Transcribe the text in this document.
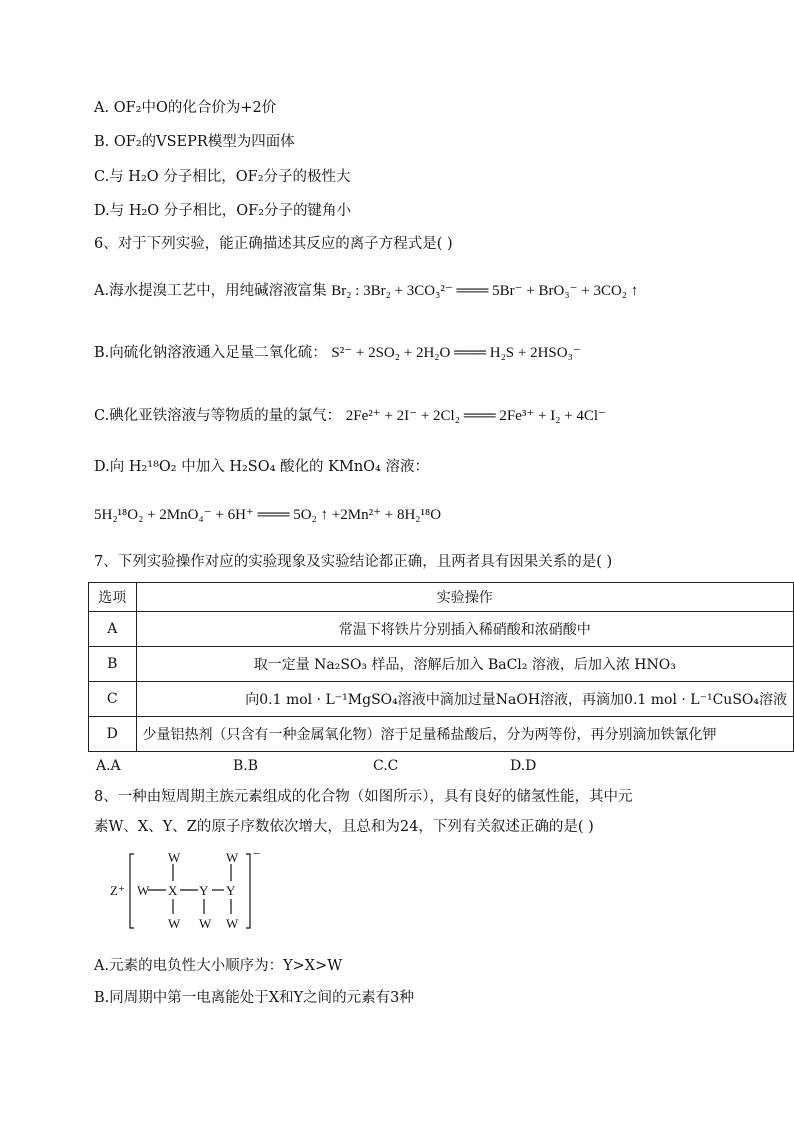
A. OF₂中O的化合价为+2价
B. OF₂的VSEPR模型为四面体
C.与 H₂O 分子相比，OF₂分子的极性大
D.与 H₂O 分子相比，OF₂分子的键角小
6、对于下列实验，能正确描述其反应的离子方程式是( )
A.海水提溴工艺中，用纯碱溶液富集 Br₂ : 3Br₂ + 3CO₃²⁻ ═══ 5Br⁻ + BrO₃⁻ + 3CO₂ ↑
B.向硫化钠溶液通入足量二氧化硫： S²⁻ + 2SO₂ + 2H₂O ═══ H₂S + 2HSO₃⁻
C.碘化亚铁溶液与等物质的量的氯气： 2Fe²⁺ + 2I⁻ + 2Cl₂ ═══ 2Fe³⁺ + I₂ + 4Cl⁻
D.向 H₂¹⁸O₂ 中加入 H₂SO₄ 酸化的 KMnO₄ 溶液：
5H₂¹⁸O₂ + 2MnO₄⁻ + 6H⁺ ═══ 5O₂ ↑ +2Mn²⁺ + 8H₂¹⁸O
7、下列实验操作对应的实验现象及实验结论都正确，且两者具有因果关系的是( )
选项	实验操作
A	常温下将铁片分别插入稀硝酸和浓硝酸中
B	取一定量 Na₂SO₃ 样品，溶解后加入 BaCl₂ 溶液，后加入浓 HNO₃
C	向0.1 mol · L⁻¹MgSO₄溶液中滴加过量NaOH溶液，再滴加0.1 mol · L⁻¹CuSO₄溶液
D	少量铝热剂（只含有一种金属氧化物）溶于足量稀盐酸后，分为两等份，再分别滴加铁氰化钾
A.A	B.B	C.C	D.D
8、一种由短周期主族元素组成的化合物（如图所示），具有良好的储氢性能，其中元
素W、X、Y、Z的原子序数依次增大，且总和为24，下列有关叙述正确的是( )
Z⁺
−
W
W
X
W
Y
W
W
Y
W
A.元素的电负性大小顺序为：Y>X>W
B.同周期中第一电离能处于X和Y之间的元素有3种
